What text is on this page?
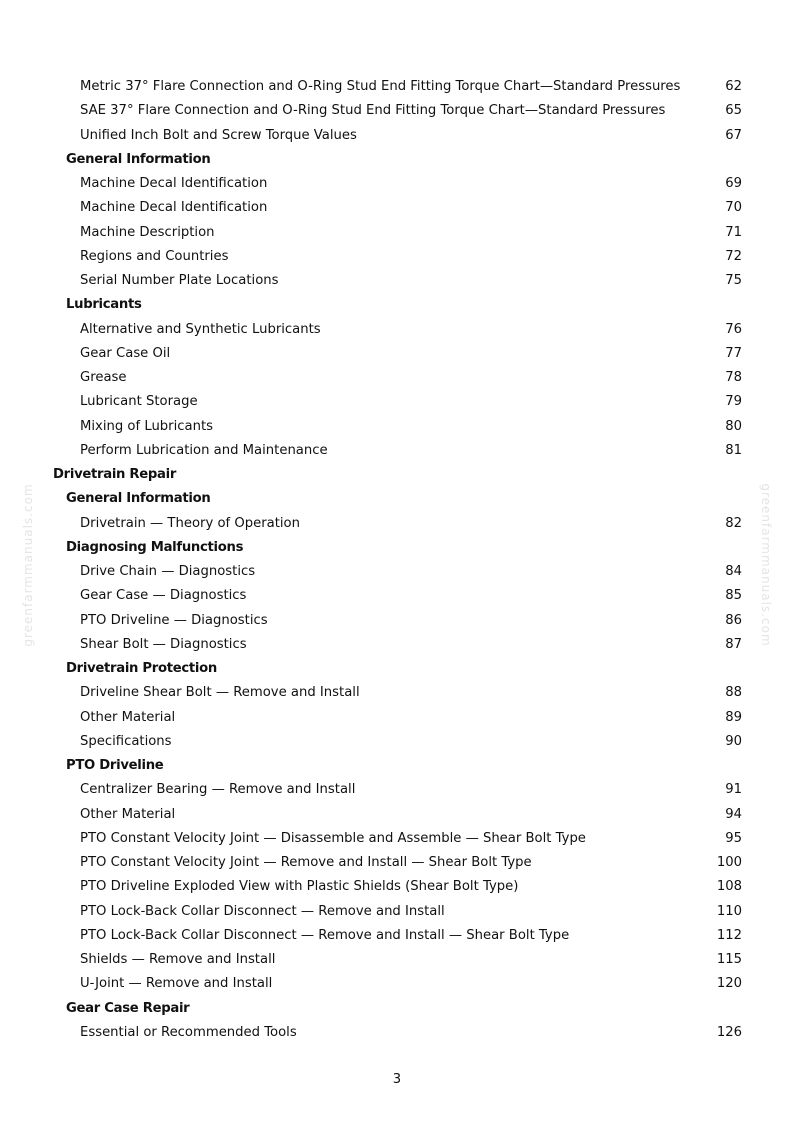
greenfarmmanuals.com	greenfarmmanuals.com
Metric 37° Flare Connection and O-Ring Stud End Fitting Torque Chart—Standard Pressures	62
SAE 37° Flare Connection and O-Ring Stud End Fitting Torque Chart—Standard Pressures	65
Unified Inch Bolt and Screw Torque Values	67
General Information
Machine Decal Identification	69
Machine Decal Identification	70
Machine Description	71
Regions and Countries	72
Serial Number Plate Locations	75
Lubricants
Alternative and Synthetic Lubricants	76
Gear Case Oil	77
Grease	78
Lubricant Storage	79
Mixing of Lubricants	80
Perform Lubrication and Maintenance	81
Drivetrain Repair
General Information
Drivetrain — Theory of Operation	82
Diagnosing Malfunctions
Drive Chain — Diagnostics	84
Gear Case — Diagnostics	85
PTO Driveline — Diagnostics	86
Shear Bolt — Diagnostics	87
Drivetrain Protection
Driveline Shear Bolt — Remove and Install	88
Other Material	89
Specifications	90
PTO Driveline
Centralizer Bearing — Remove and Install	91
Other Material	94
PTO Constant Velocity Joint — Disassemble and Assemble — Shear Bolt Type	95
PTO Constant Velocity Joint — Remove and Install — Shear Bolt Type	100
PTO Driveline Exploded View with Plastic Shields (Shear Bolt Type)	108
PTO Lock-Back Collar Disconnect — Remove and Install	110
PTO Lock-Back Collar Disconnect — Remove and Install — Shear Bolt Type	112
Shields — Remove and Install	115
U-Joint — Remove and Install	120
Gear Case Repair
Essential or Recommended Tools	126
3
